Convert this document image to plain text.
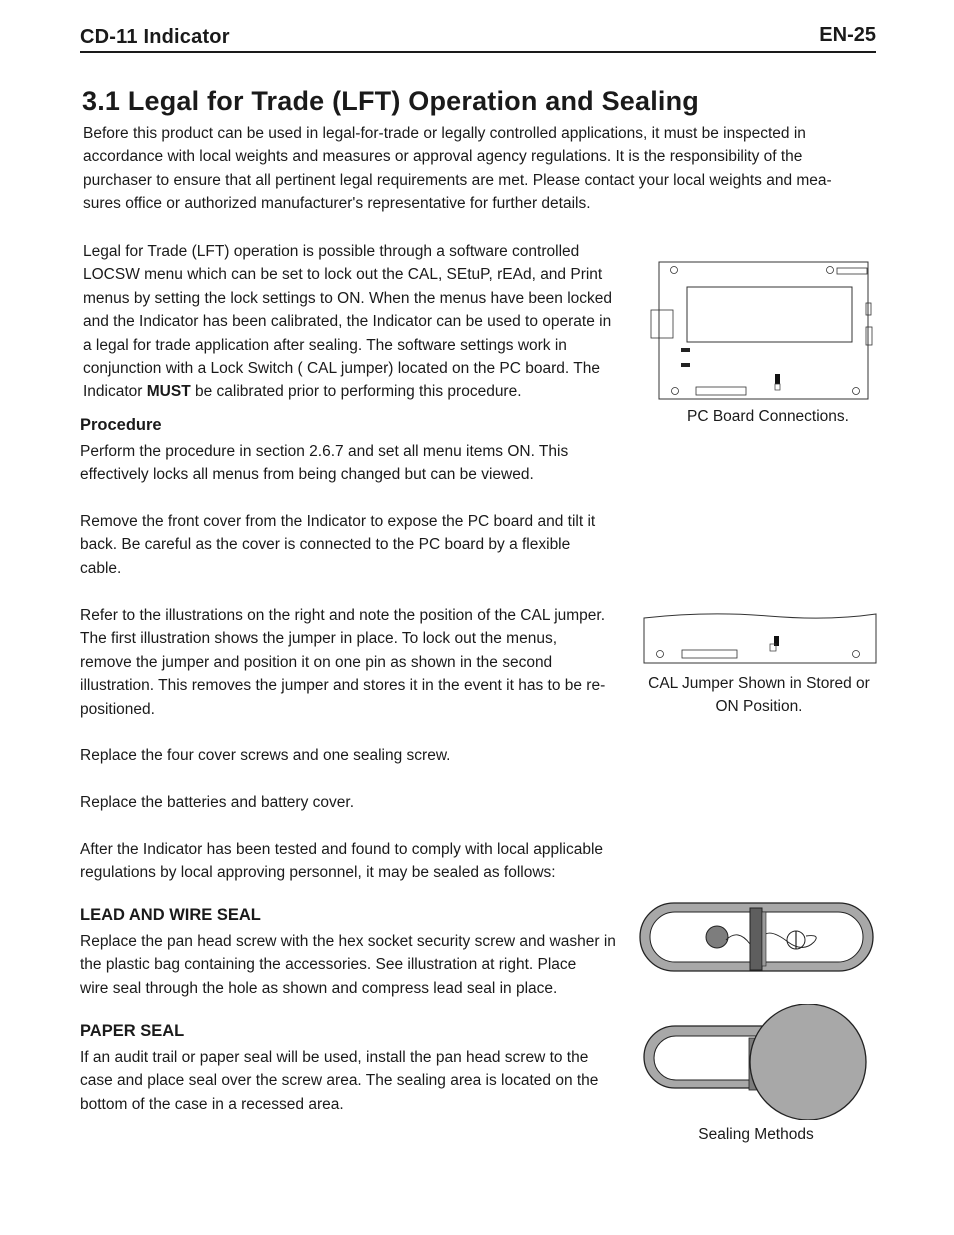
CD-11 Indicator	EN-25
3.1 Legal for Trade (LFT) Operation and Sealing
Before this product can be used in legal-for-trade or legally controlled applications, it must be inspected in
accordance with local weights and measures or approval agency regulations. It is the responsibility of the
purchaser to ensure that all pertinent legal requirements are met. Please contact your local weights and mea-
sures office or authorized manufacturer's representative for further details.
Legal for Trade (LFT) operation is possible through a software controlled
LOCSW menu which can be set to lock out the CAL, SEtuP, rEAd, and Print
menus by setting the lock settings to ON. When the menus have been locked
and the Indicator has been calibrated, the Indicator can be used to operate in
a legal for trade application after sealing. The software settings work in
conjunction with a Lock Switch ( CAL jumper) located on the PC board. The
Indicator MUST be calibrated prior to performing this procedure.
Procedure
Perform the procedure in section 2.6.7 and set all menu items ON. This
effectively locks all menus from being changed but can be viewed.
Remove the front cover from the Indicator to expose the PC board and tilt it
back. Be careful as the cover is connected to the PC board by a flexible
cable.
Refer to the illustrations on the right and note the position of the CAL jumper.
The first illustration shows the jumper in place. To lock out the menus,
remove the jumper and position it on one pin as shown in the second
illustration. This removes the jumper and stores it in the event it has to be re-
positioned.
Replace the four cover screws and one sealing screw.
Replace the batteries and battery cover.
After the Indicator has been tested and found to comply with local applicable
regulations by local approving personnel, it may be sealed as follows:
LEAD AND WIRE SEAL
Replace the pan head screw with the hex socket security screw and washer in
the plastic bag containing the accessories. See illustration at right. Place
wire seal through the hole as shown and compress lead seal in place.
PAPER SEAL
If an audit trail or paper seal will be used, install the pan head screw to the
case and place seal over the screw area. The sealing area is located on the
bottom of the case in a recessed area.
PC Board Connections.
CAL Jumper Shown in Stored or
ON Position.
Sealing Methods
